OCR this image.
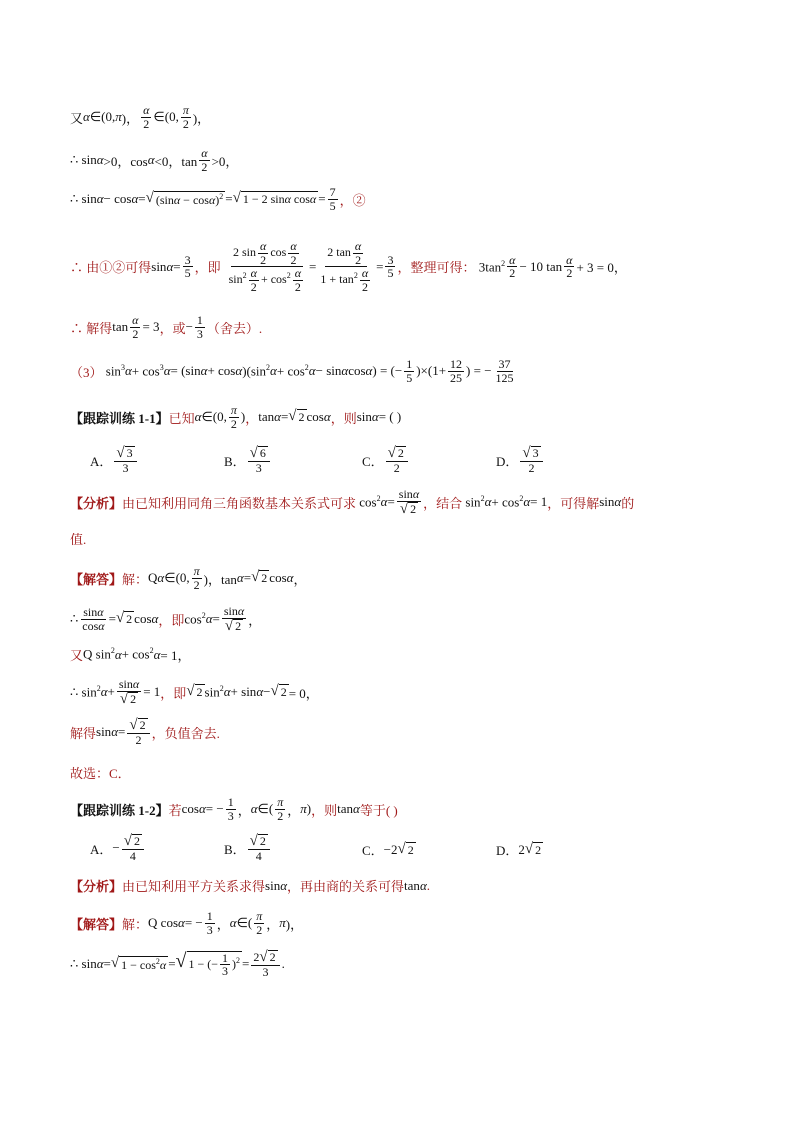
又 α ∈(0, π )， $\frac{\alpha}{2}$ ∈(0, $\frac{\pi}{2}$ )，
∴ sin α >0，cos α <0，$\tan \frac{\alpha}{2} >0$，
∴ sin α − cos α = √ $(\sin\alpha - \cos\alpha)^2$ = √ 1 − 2 sinα $\cos\alpha = \frac{7}{5}$ ，②
∴ 由①②可得 $\sin \alpha = \frac{3}{5}$ ，即 $\frac{2 \sin \frac{\alpha}{2} \cos \frac{\alpha}{2}}{\sin^2 \frac{\alpha}{2} + \cos^2 \frac{\alpha}{2}} = \frac{2 \tan \frac{\alpha}{2}}{1 + \tan^2 \frac{\alpha}{2}} = \frac{3}{5}$ ，整理可得： $3\tan^2 \frac{\alpha}{2} - 10$ $\tan \frac{\alpha}{2} + 3 = 0$，
∴ 解得 $\tan \frac{\alpha}{2} = 3$ ，或 − $\frac{1}{3}$ （舍去）.
（3） $\sin^3 \alpha + \cos^3 \alpha = (\sin$ α + cos α )($\sin^2$ $\alpha + \cos^2 \alpha - \sin \alpha$ cos α ) = (− $\frac{1}{5} )\times(1+ \frac{12}{25}$ ) = − $\frac{37}{125}$
【跟踪训练 1-1】 已知 α ∈(0, $\frac{\pi}{2}$ ) ， tan α = √ 2 cos α ，则 sin α = ( )
A． $\frac{√ 3}{3}$	B． $\frac{√ 6}{3}$	C． $\frac{√ 2}{2}$	D． $\frac{√ 3}{2}$
【分析】 由已知利用同角三角函数基本关系式可求 $\cos^2 \alpha = \frac{\sin\alpha}{√ 2}$ ，结合 $\sin^2 \alpha + \cos^2 \alpha = 1$ ，可得解 sin α 的
值.
【解答】 解： Q α ∈(0, $\frac{\pi}{2}$ )，tan α = √ 2 cos α ，
∴ $\frac{\sin\alpha}{\cos\alpha}$ = √ 2 cos α ，即 $\cos^2 \alpha = \frac{\sin\alpha}{√ 2}$ ，
又 Q $\sin^2 \alpha + \cos^2 \alpha = 1$，
∴ $\sin^2 \alpha + \frac{\sin\alpha}{√ 2} = 1$ ，即 √ 2 $\sin^2 \alpha + \sin \alpha$ − √ 2 = 0，
解得 $\sin \alpha = \frac{√ 2}{2}$ ，负值舍去.
故选：C．
【跟踪训练 1-2】 若 cos α = − $\frac{1}{3}$ ， α ∈( $\frac{\pi}{2}$ ， π ) ，则 tan α 等于( )
A． − $\frac{√ 2}{4}$	B． $\frac{√ 2}{4}$	C． −2 √ 2	D． 2 √ 2
【分析】 由已知利用平方关系求得 sin α ，再由商的关系可得 tan α .
【解答】 解： Q cos α = − $\frac{1}{3}$ ， α ∈( $\frac{\pi}{2}$ ， π )，
∴ sin α = √ $1 - \cos^2\alpha$ = √ 1 − (− $\frac{1}{3} )^2 = \frac{2 √ 2}{3}$ .
